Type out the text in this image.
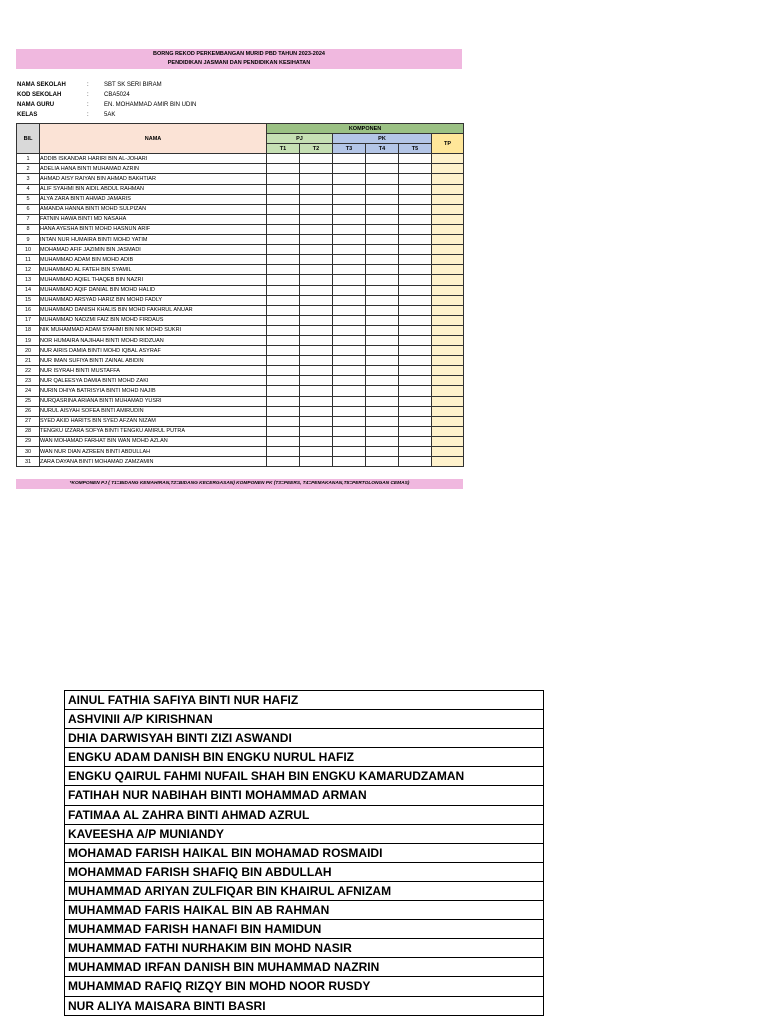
BORNG REKOD PERKEMBANGAN MURID PBD TAHUN 2023-2024
PENDIDIKAN JASMANI DAN PENDIDIKAN KESIHATAN
NAMA SEKOLAH	:	SBT SK SERI BIRAM
KOD SEKOLAH	:	CBA5024
NAMA GURU	:	EN. MOHAMMAD AMIR BIN UDIN
KELAS	:	5AK
BIL	NAMA	KOMPONEN					
		PJ		PK			TP
		T1	T2	T3	T4	T5	
1	ADDIB ISKANDAR HARIRI BIN AL-JOHARI						
2	ADELIA HANA BINTI MUHAMAD AZRIN						
3	AHMAD AISY RAIYAN BIN AHMAD BAKHTIAR						
4	ALIF SYAHMI BIN AIDIL ABDUL RAHMAN						
5	ALYA ZARA BINTI AHMAD JAMARIS						
6	AMANDA HANNA BINTI MOHD SULPIZAN						
7	FATNIN HAWA BINTI MD NASAHA						
8	HANA AYESHA BINTI MOHD HASNUN ARIF						
9	INTAN NUR HUMAIRA BINTI MOHD YATIM						
10	MOHAMAD AFIF JAZIMIN BIN JASMADI						
11	MUHAMMAD ADAM BIN MOHD ADIB						
12	MUHAMMAD AL FATEH BIN SYAMIL						
13	MUHAMMAD AQIEL THAQEB BIN NAZRI						
14	MUHAMMAD AQIF DANIAL BIN MOHD HALID						
15	MUHAMMAD ARSYAD HARIZ BIN MOHD FADLY						
16	MUHAMMAD DANISH KHALIS BIN MOHD FAKHRUL ANUAR						
17	MUHAMMAD NADZMI FAIZ BIN MOHD FIRDAUS						
18	NIK MUHAMMAD ADAM SYAHMI BIN NIK MOHD SUKRI						
19	NOR HUMAIRA NAJIHAH BINTI MOHD RIDZUAN						
20	NUR AIRIS DAMIA BINTI MOHD IQBAL ASYRAF						
21	NUR IMAN SUFIYA BINTI ZAINAL ABIDIN						
22	NUR ISYRAH BINTI MUSTAFFA						
23	NUR QALEESYA DAMIA BINTI MOHD ZAKI						
24	NURIN DHIYA BATRISYIA BINTI MOHD NAJIB						
25	NURQASRINA ARIANA BINTI MUHAMAD YUSRI						
26	NURUL AISYAH SOFEA BINTI AMIRUDIN						
27	SYED AKID HARITS BIN SYED AFZAN NIZAM						
28	TENGKU IZZARA SOFYA BINTI TENGKU AMIRUL PUTRA						
29	WAN MOHAMAD FARHAT BIN WAN MOHD AZLAN						
30	WAN NUR DIAN AZREEN BINTI ABDULLAH						
31	ZARA DAYANA BINTI MOHAMAD ZAMZAMIN						
*KOMPONEN PJ ( T1=BIDANG KEMAHIRAN,T2=BIDANG KECERGASAN) KOMPONEN PK (T3=PEERS, T4=PEMAKANAN,T5=PERTOLONGAN CEMAS)
AINUL FATHIA SAFIYA BINTI NUR HAFIZ
ASHVINII A/P KIRISHNAN
DHIA DARWISYAH BINTI ZIZI ASWANDI
ENGKU ADAM DANISH BIN ENGKU NURUL HAFIZ
ENGKU QAIRUL FAHMI NUFAIL SHAH BIN ENGKU KAMARUDZAMAN
FATIHAH NUR NABIHAH BINTI MOHAMMAD ARMAN
FATIMAA AL ZAHRA BINTI AHMAD AZRUL
KAVEESHA A/P MUNIANDY
MOHAMAD FARISH HAIKAL BIN MOHAMAD ROSMAIDI
MOHAMMAD FARISH SHAFIQ BIN ABDULLAH
MUHAMMAD ARIYAN ZULFIQAR BIN KHAIRUL AFNIZAM
MUHAMMAD FARIS HAIKAL BIN AB RAHMAN
MUHAMMAD FARISH HANAFI BIN HAMIDUN
MUHAMMAD FATHI NURHAKIM BIN MOHD NASIR
MUHAMMAD IRFAN DANISH BIN MUHAMMAD NAZRIN
MUHAMMAD RAFIQ RIZQY BIN MOHD NOOR RUSDY
NUR ALIYA MAISARA BINTI BASRI
